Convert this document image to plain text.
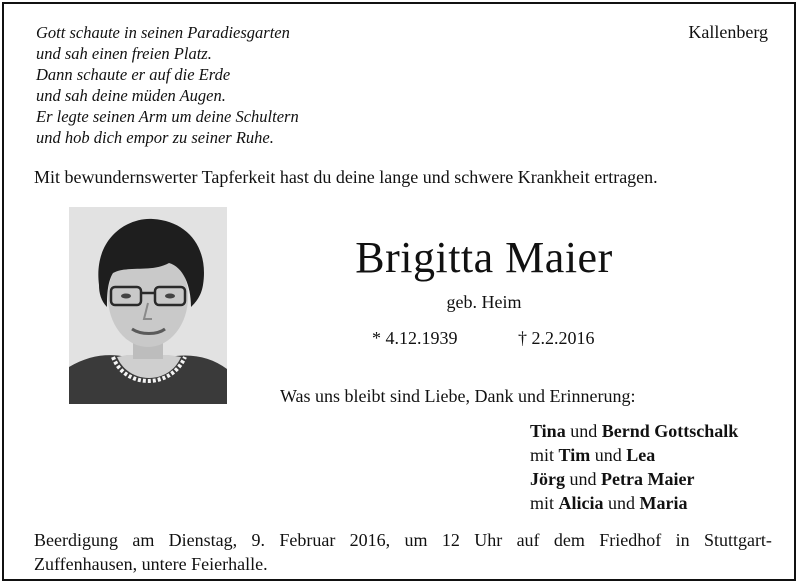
Gott schaute in seinen Paradiesgarten
und sah einen freien Platz.
Dann schaute er auf die Erde
und sah deine müden Augen.
Er legte seinen Arm um deine Schultern
und hob dich empor zu seiner Ruhe.
Kallenberg
Mit bewundernswerter Tapferkeit hast du deine lange und schwere Krankheit ertragen.
Brigitta Maier
geb. Heim
* 4.12.1939	† 2.2.2016
Was uns bleibt sind Liebe, Dank und Erinnerung:
Tina und Bernd Gottschalk
mit Tim und Lea
Jörg und Petra Maier
mit Alicia und Maria
Beerdigung am Dienstag, 9. Februar 2016, um 12 Uhr auf dem Friedhof in Stuttgart-
Zuffenhausen, untere Feierhalle.
